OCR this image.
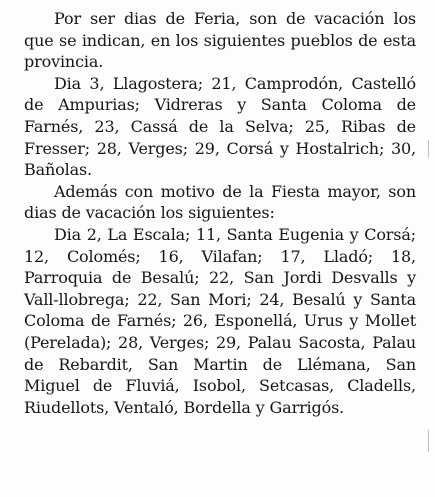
Por ser dias de Feria, son de vacación los que se indican, en los siguientes pueblos de esta provincia.

Dia 3, Llagostera; 21, Camprodón, Castelló de Ampurias; Vidreras y Santa Coloma de Farnés, 23, Cassá de la Selva; 25, Ribas de Fresser; 28, Verges; 29, Corsá y Hostalrich; 30, Bañolas.

Además con motivo de la Fiesta mayor, son dias de vacación los siguientes:

Dia 2, La Escala; 11, Santa Eugenia y Corsá; 12, Colomés; 16, Vilafan; 17, Lladó; 18, Parroquia de Besalú; 22, San Jordi Desvalls y Vall-llobrega; 22, San Mori; 24, Besalú y Santa Coloma de Farnés; 26, Esponellá, Urus y Mollet (Perelada); 28, Verges; 29, Palau Sacosta, Palau de Rebardit, San Martin de Llémana, San Miguel de Fluviá, Isobol, Setcasas, Cladells, Riudellots, Ventaló, Bordella y Garrigós.
